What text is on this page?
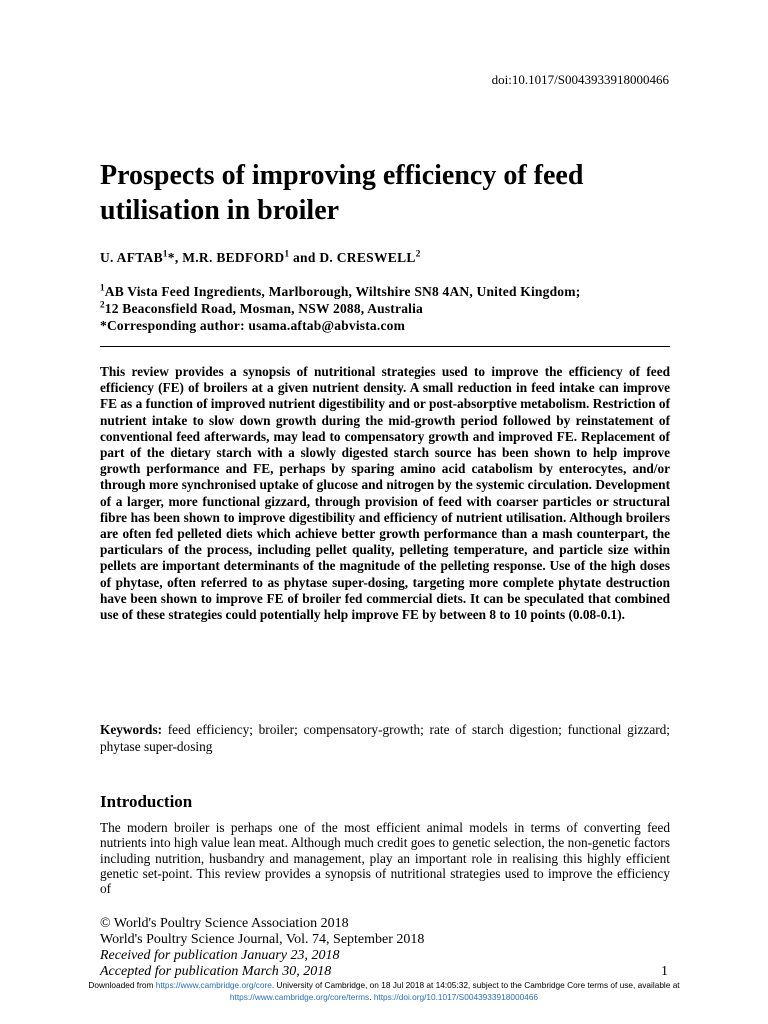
doi:10.1017/S0043933918000466
Prospects of improving efficiency of feed utilisation in broiler
U. AFTAB$^1$*, M.R. BEDFORD$^1$ and D. CRESWELL$^2$
$^1$AB Vista Feed Ingredients, Marlborough, Wiltshire SN8 4AN, United Kingdom;
$^2$12 Beaconsfield Road, Mosman, NSW 2088, Australia
*Corresponding author: usama.aftab@abvista.com
This review provides a synopsis of nutritional strategies used to improve the efficiency of feed efficiency (FE) of broilers at a given nutrient density. A small reduction in feed intake can improve FE as a function of improved nutrient digestibility and or post-absorptive metabolism. Restriction of nutrient intake to slow down growth during the mid-growth period followed by reinstatement of conventional feed afterwards, may lead to compensatory growth and improved FE. Replacement of part of the dietary starch with a slowly digested starch source has been shown to help improve growth performance and FE, perhaps by sparing amino acid catabolism by enterocytes, and/or through more synchronised uptake of glucose and nitrogen by the systemic circulation. Development of a larger, more functional gizzard, through provision of feed with coarser particles or structural fibre has been shown to improve digestibility and efficiency of nutrient utilisation. Although broilers are often fed pelleted diets which achieve better growth performance than a mash counterpart, the particulars of the process, including pellet quality, pelleting temperature, and particle size within pellets are important determinants of the magnitude of the pelleting response. Use of the high doses of phytase, often referred to as phytase super-dosing, targeting more complete phytate destruction have been shown to improve FE of broiler fed commercial diets. It can be speculated that combined use of these strategies could potentially help improve FE by between 8 to 10 points (0.08-0.1).
Keywords: feed efficiency; broiler; compensatory-growth; rate of starch digestion; functional gizzard; phytase super-dosing
Introduction
The modern broiler is perhaps one of the most efficient animal models in terms of converting feed nutrients into high value lean meat. Although much credit goes to genetic selection, the non-genetic factors including nutrition, husbandry and management, play an important role in realising this highly efficient genetic set-point. This review provides a synopsis of nutritional strategies used to improve the efficiency of
© World's Poultry Science Association 2018
World's Poultry Science Journal, Vol. 74, September 2018
Received for publication January 23, 2018
Accepted for publication March 30, 2018	1
Downloaded from https://www.cambridge.org/core. University of Cambridge, on 18 Jul 2018 at 14:05:32, subject to the Cambridge Core terms of use, available at
https://www.cambridge.org/core/terms. https://doi.org/10.1017/S0043933918000466
